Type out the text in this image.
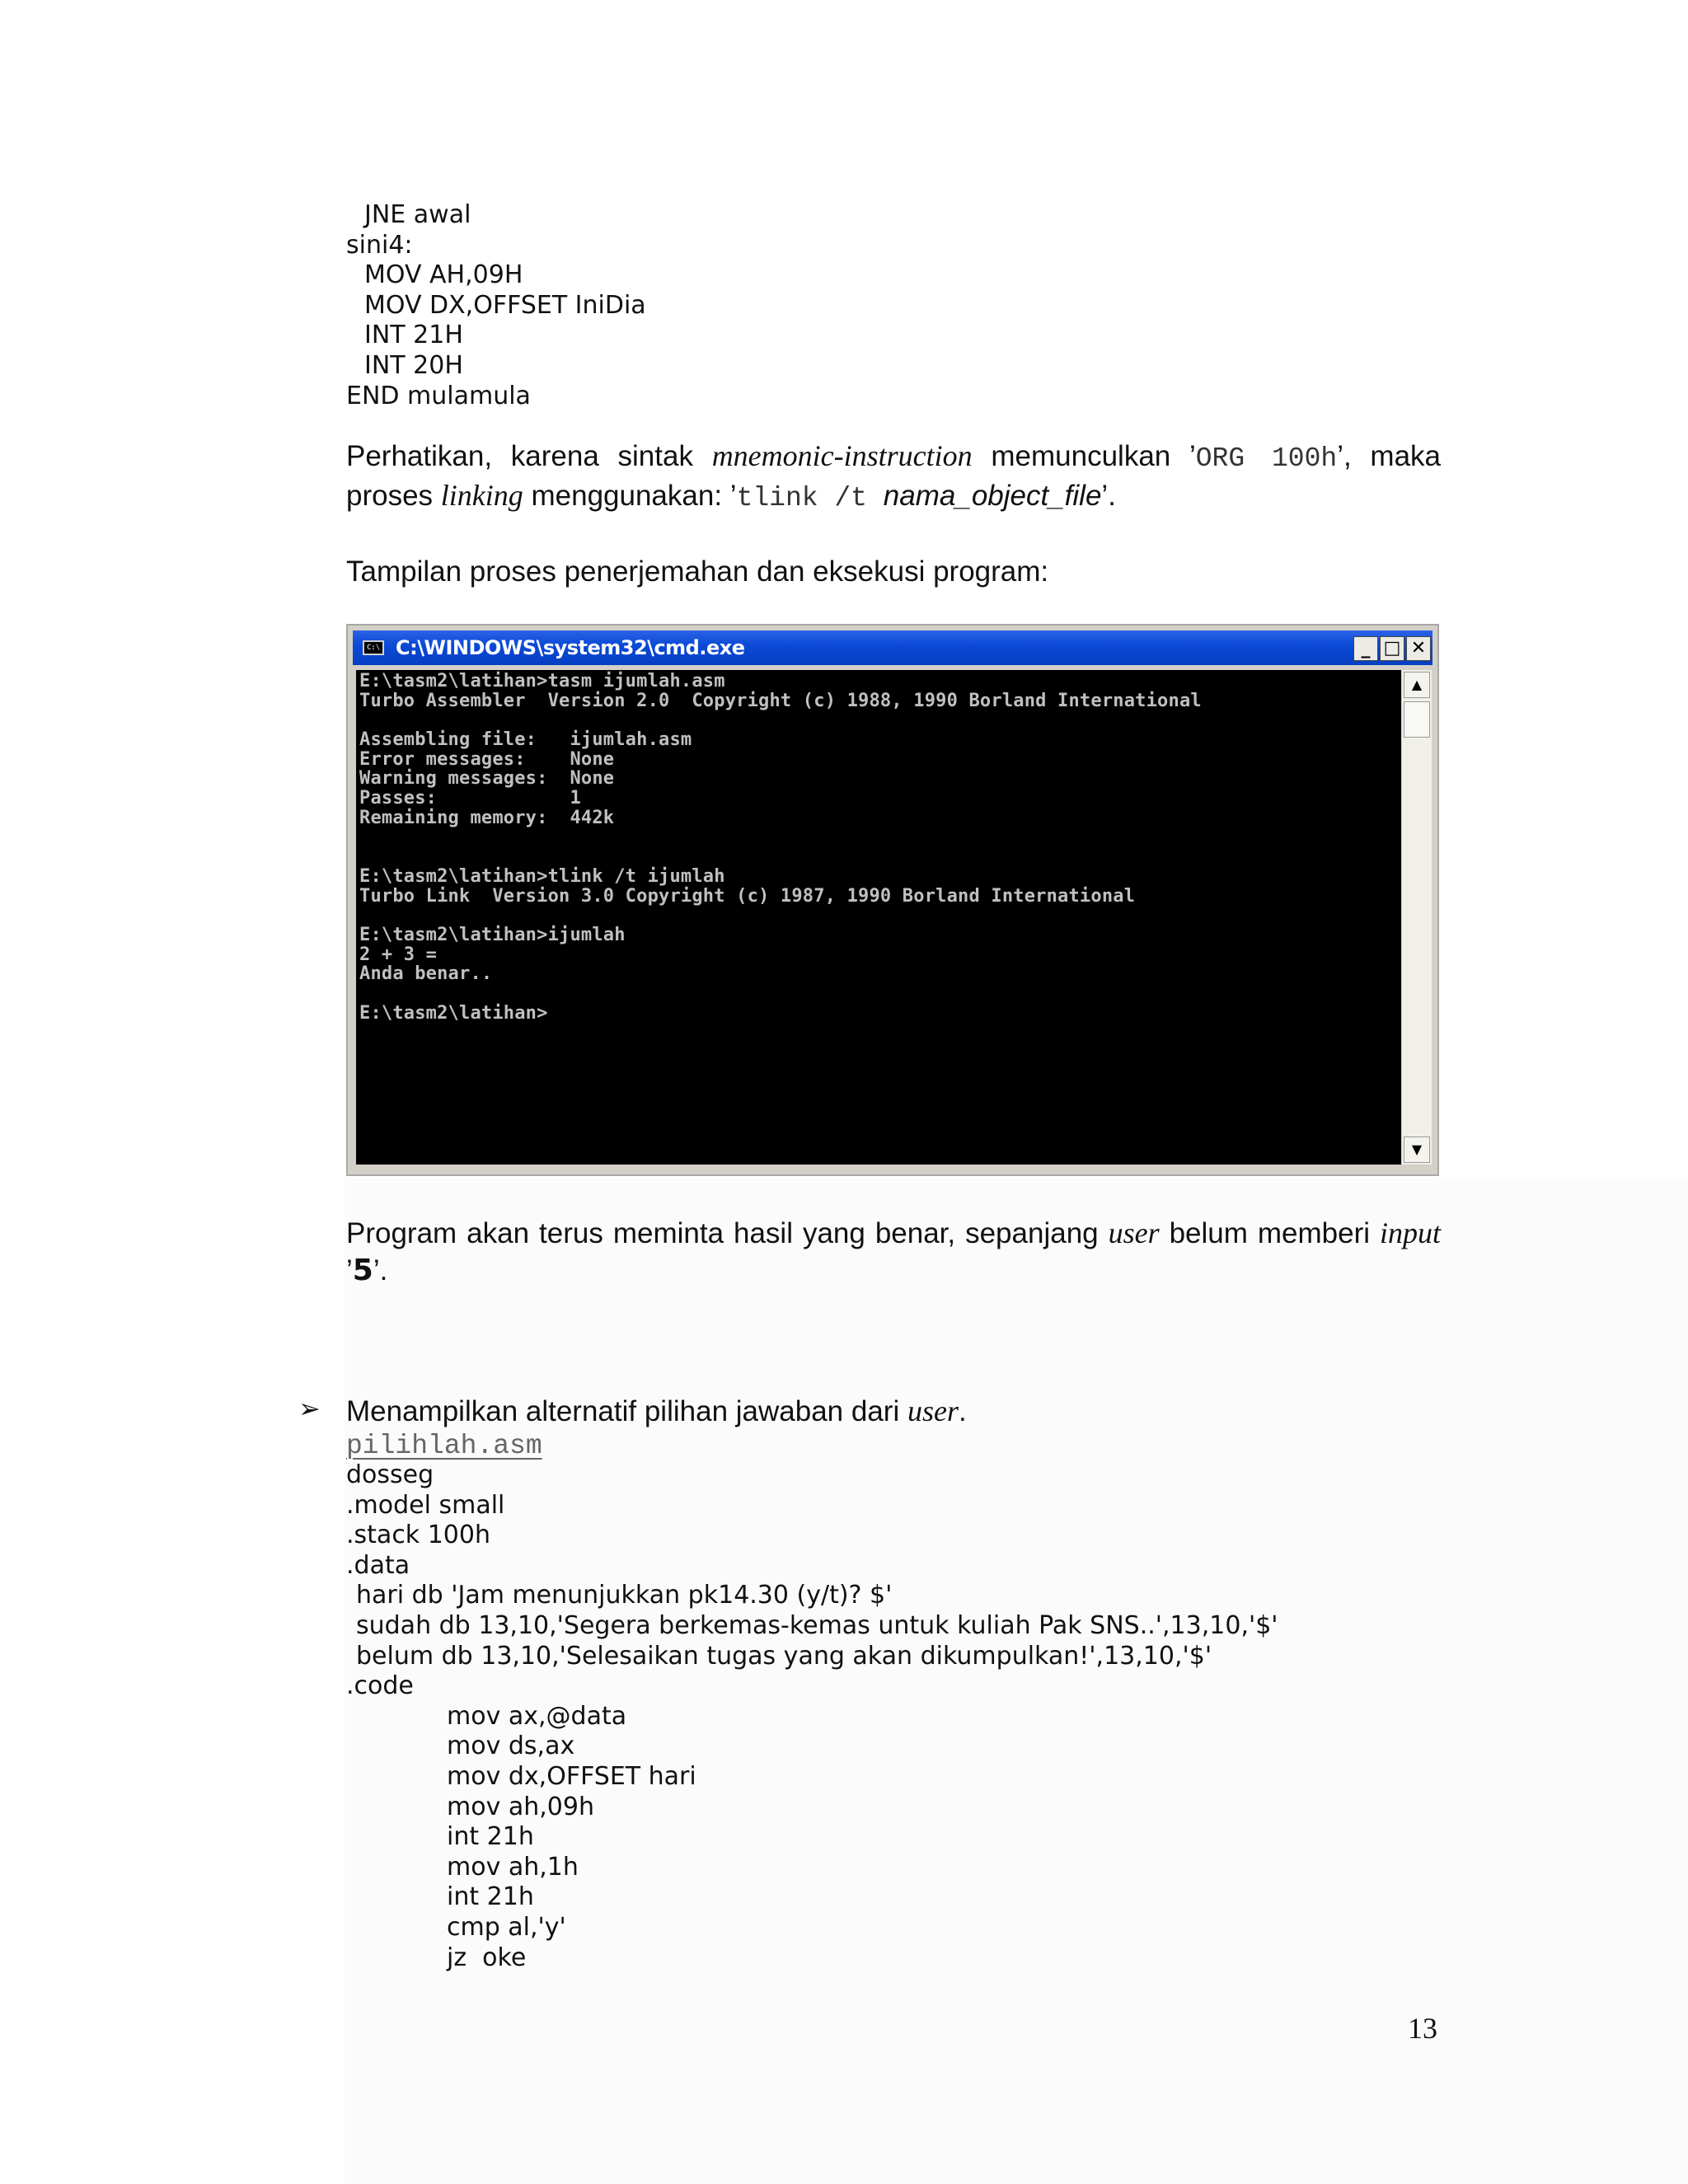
JNE awal
sini4:
MOV AH,09H
MOV DX,OFFSET IniDia
INT 21H
INT 20H
END mulamula
Perhatikan, karena sintak mnemonic-instruction memunculkan ’ORG 100h’, maka proses linking menggunakan: ’tlink /t nama_object_file’.
Tampilan proses penerjemahan dan eksekusi program:
C:\ C:\WINDOWS\system32\cmd.exe	_ □ ✕
E:\tasm2\latihan>tasm ijumlah.asm
Turbo Assembler  Version 2.0  Copyright (c) 1988, 1990 Borland International
Assembling file:   ijumlah.asm
Error messages:    None
Warning messages:  None
Passes:            1
Remaining memory:  442k
E:\tasm2\latihan>tlink /t ijumlah
Turbo Link  Version 3.0 Copyright (c) 1987, 1990 Borland International
E:\tasm2\latihan>ijumlah
2 + 3 =
Anda benar..
E:\tasm2\latihan>
▲
▼
Program akan terus meminta hasil yang benar, sepanjang user belum memberi input ’5’.
➢ Menampilkan alternatif pilihan jawaban dari user.
pilihlah.asm
dosseg
.model small
.stack 100h
.data
hari db 'Jam menunjukkan pk14.30 (y/t)? $'
sudah db 13,10,'Segera berkemas-kemas untuk kuliah Pak SNS..',13,10,'$'
belum db 13,10,'Selesaikan tugas yang akan dikumpulkan!',13,10,'$'
.code
mov ax,@data
mov ds,ax
mov dx,OFFSET hari
mov ah,09h
int 21h
mov ah,1h
int 21h
cmp al,'y'
jz  oke
13
